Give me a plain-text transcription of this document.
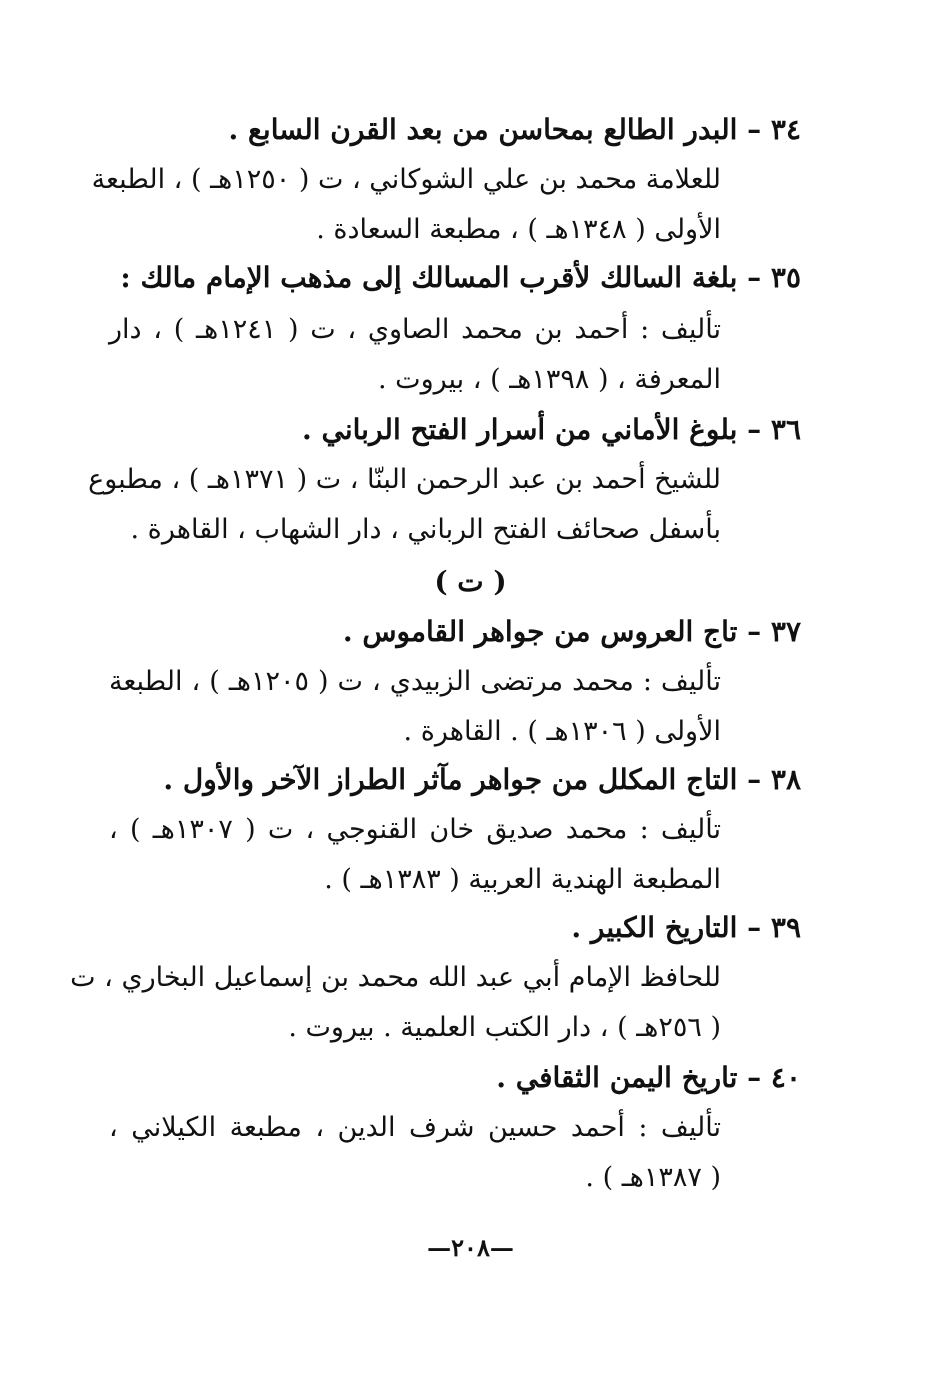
٣٤ – البدر الطالع بمحاسن من بعد القرن السابع .
للعلامة محمد بن علي الشوكاني ، ت ( ١٢٥٠هـ ) ، الطبعة
الأولى ( ١٣٤٨هـ ) ، مطبعة السعادة .
٣٥ – بلغة السالك لأقرب المسالك إلى مذهب الإمام مالك :
تأليف : أحمد بن محمد الصاوي ، ت ( ١٢٤١هـ ) ، دار
المعرفة ، ( ١٣٩٨هـ ) ، بيروت .
٣٦ – بلوغ الأماني من أسرار الفتح الرباني .
للشيخ أحمد بن عبد الرحمن البنّا ، ت ( ١٣٧١هـ ) ، مطبوع
بأسفل صحائف الفتح الرباني ، دار الشهاب ، القاهرة .
( ت )
٣٧ – تاج العروس من جواهر القاموس .
تأليف : محمد مرتضى الزبيدي ، ت ( ١٢٠٥هـ ) ، الطبعة
الأولى ( ١٣٠٦هـ ) . القاهرة .
٣٨ – التاج المكلل من جواهر مآثر الطراز الآخر والأول .
تأليف : محمد صديق خان القنوجي ، ت ( ١٣٠٧هـ ) ،
المطبعة الهندية العربية ( ١٣٨٣هـ ) .
٣٩ – التاريخ الكبير .
للحافظ الإمام أبي عبد الله محمد بن إسماعيل البخاري ، ت
( ٢٥٦هـ ) ، دار الكتب العلمية . بيروت .
٤٠ – تاريخ اليمن الثقافي .
تأليف : أحمد حسين شرف الدين ، مطبعة الكيلاني ،
( ١٣٨٧هـ ) .
—٢٠٨—
